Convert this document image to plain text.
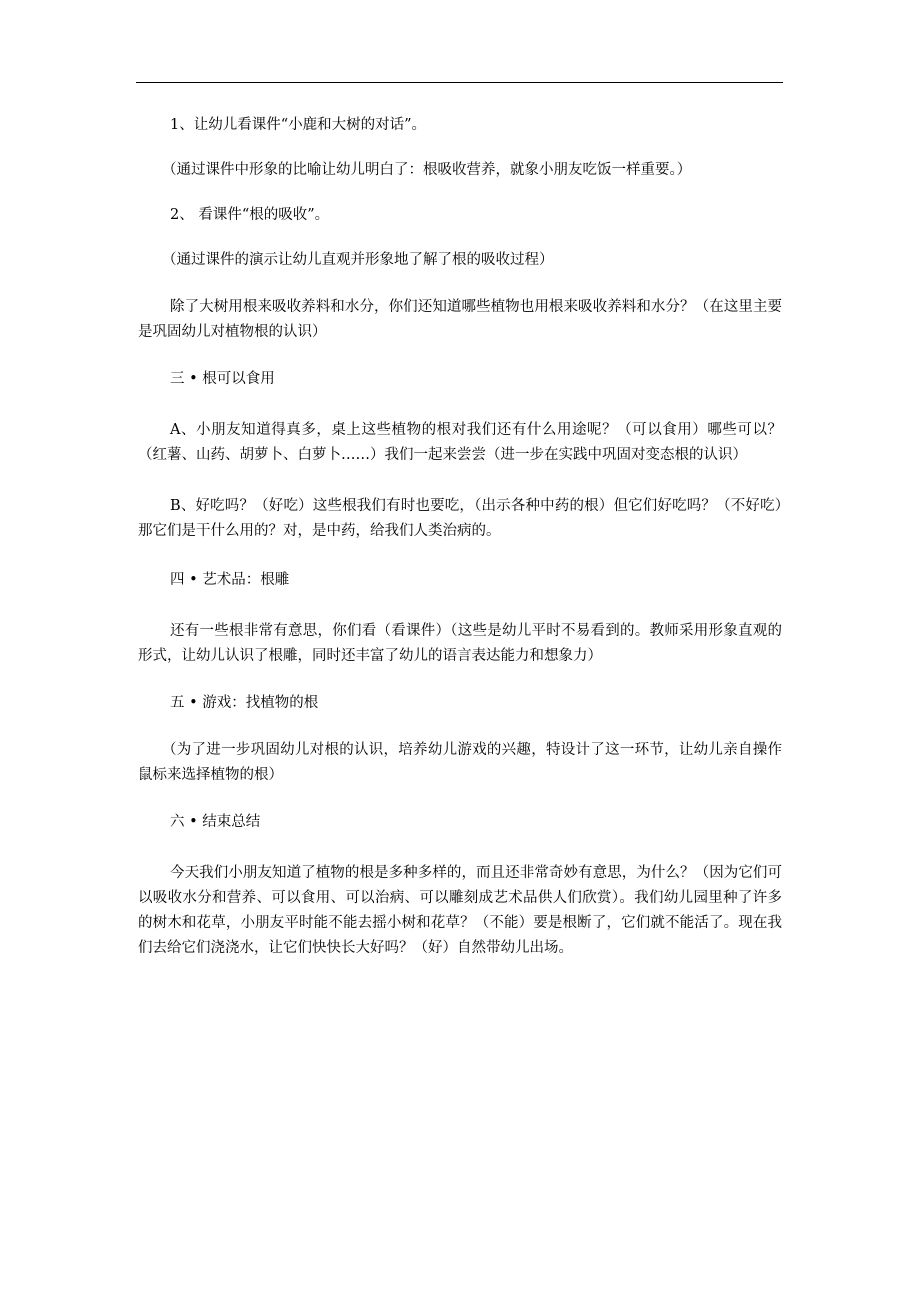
1、让幼儿看课件“小鹿和大树的对话”。

（通过课件中形象的比喻让幼儿明白了：根吸收营养，就象小朋友吃饭一样重要。）

2、 看课件“根的吸收”。

（通过课件的演示让幼儿直观并形象地了解了根的吸收过程）

除了大树用根来吸收养料和水分，你们还知道哪些植物也用根来吸收养料和水分？（在这里主要是巩固幼儿对植物根的认识）

三 • 根可以食用

A、小朋友知道得真多，桌上这些植物的根对我们还有什么用途呢？（可以食用）哪些可以？（红薯、山药、胡萝卜、白萝卜……）我们一起来尝尝（进一步在实践中巩固对变态根的认识）

B、好吃吗？（好吃）这些根我们有时也要吃，（出示各种中药的根）但它们好吃吗？（不好吃）那它们是干什么用的？对，是中药，给我们人类治病的。

四 • 艺术品：根雕

还有一些根非常有意思，你们看（看课件）（这些是幼儿平时不易看到的。教师采用形象直观的形式，让幼儿认识了根雕，同时还丰富了幼儿的语言表达能力和想象力）

五 • 游戏：找植物的根

（为了进一步巩固幼儿对根的认识，培养幼儿游戏的兴趣，特设计了这一环节，让幼儿亲自操作鼠标来选择植物的根）

六 • 结束总结

今天我们小朋友知道了植物的根是多种多样的，而且还非常奇妙有意思，为什么？（因为它们可以吸收水分和营养、可以食用、可以治病、可以雕刻成艺术品供人们欣赏）。我们幼儿园里种了许多的树木和花草，小朋友平时能不能去摇小树和花草？（不能）要是根断了，它们就不能活了。现在我们去给它们浇浇水，让它们快快长大好吗？（好）自然带幼儿出场。
